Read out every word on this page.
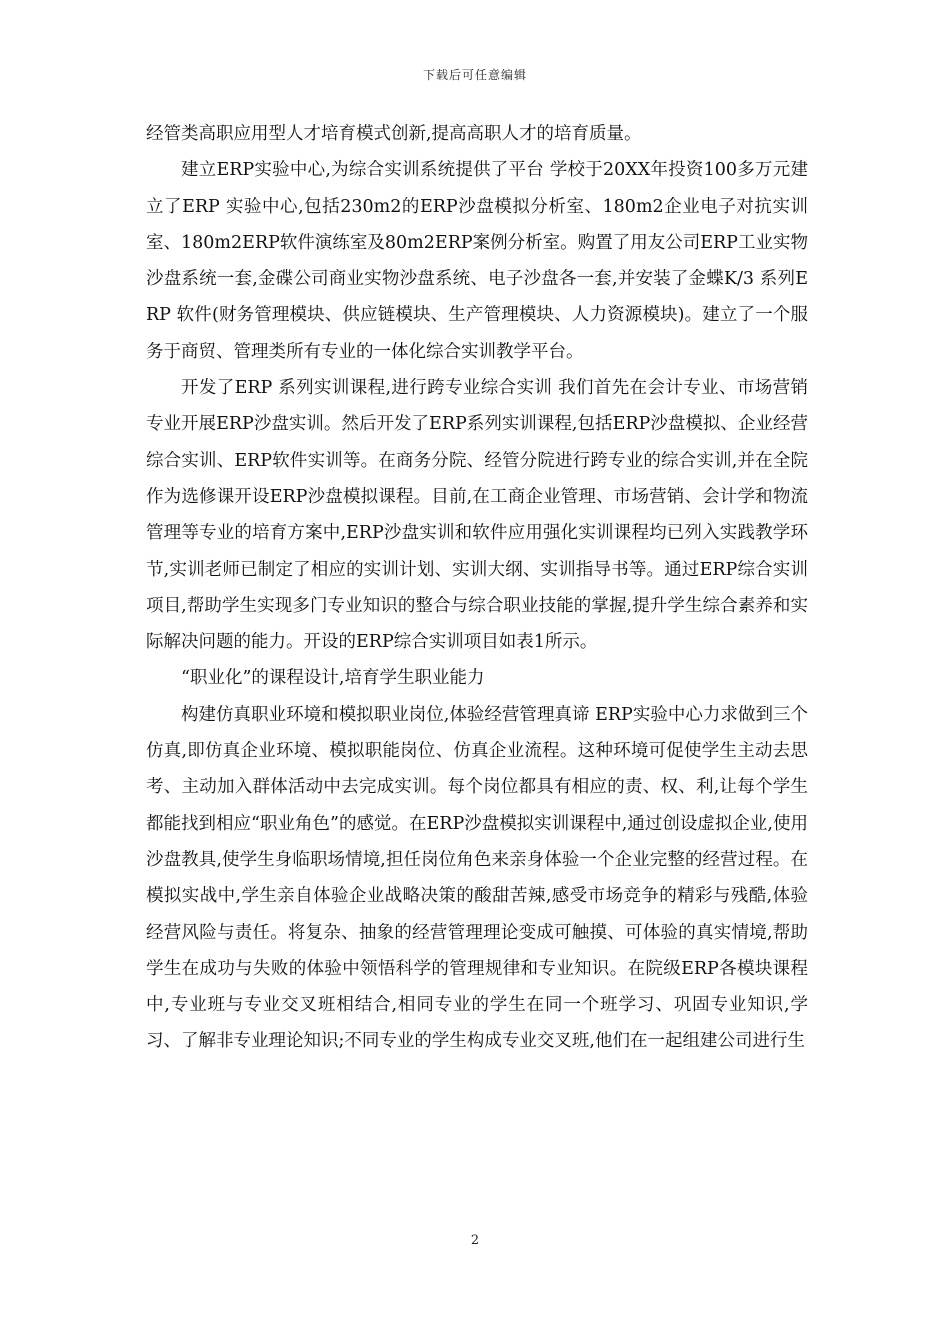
下载后可任意编辑

经管类高职应用型人才培育模式创新,提高高职人才的培育质量。

建立ERP实验中心,为综合实训系统提供了平台 学校于20XX年投资100多万元建立了ERP 实验中心,包括230m2的ERP沙盘模拟分析室、180m2企业电子对抗实训室、180m2ERP软件演练室及80m2ERP案例分析室。购置了用友公司ERP工业实物沙盘系统一套,金碟公司商业实物沙盘系统、电子沙盘各一套,并安装了金蝶K/3 系列ERP 软件(财务管理模块、供应链模块、生产管理模块、人力资源模块)。建立了一个服务于商贸、管理类所有专业的一体化综合实训教学平台。

开发了ERP 系列实训课程,进行跨专业综合实训 我们首先在会计专业、市场营销专业开展ERP沙盘实训。然后开发了ERP系列实训课程,包括ERP沙盘模拟、企业经营综合实训、ERP软件实训等。在商务分院、经管分院进行跨专业的综合实训,并在全院作为选修课开设ERP沙盘模拟课程。目前,在工商企业管理、市场营销、会计学和物流管理等专业的培育方案中,ERP沙盘实训和软件应用强化实训课程均已列入实践教学环节,实训老师已制定了相应的实训计划、实训大纲、实训指导书等。通过ERP综合实训项目,帮助学生实现多门专业知识的整合与综合职业技能的掌握,提升学生综合素养和实际解决问题的能力。开设的ERP综合实训项目如表1所示。

“职业化”的课程设计,培育学生职业能力

构建仿真职业环境和模拟职业岗位,体验经营管理真谛 ERP实验中心力求做到三个仿真,即仿真企业环境、模拟职能岗位、仿真企业流程。这种环境可促使学生主动去思考、主动加入群体活动中去完成实训。每个岗位都具有相应的责、权、利,让每个学生都能找到相应“职业角色”的感觉。在ERP沙盘模拟实训课程中,通过创设虚拟企业,使用沙盘教具,使学生身临职场情境,担任岗位角色来亲身体验一个企业完整的经营过程。在模拟实战中,学生亲自体验企业战略决策的酸甜苦辣,感受市场竞争的精彩与残酷,体验经营风险与责任。将复杂、抽象的经营管理理论变成可触摸、可体验的真实情境,帮助学生在成功与失败的体验中领悟科学的管理规律和专业知识。在院级ERP各模块课程中,专业班与专业交叉班相结合,相同专业的学生在同一个班学习、巩固专业知识,学习、了解非专业理论知识;不同专业的学生构成专业交叉班,他们在一起组建公司进行生

2
